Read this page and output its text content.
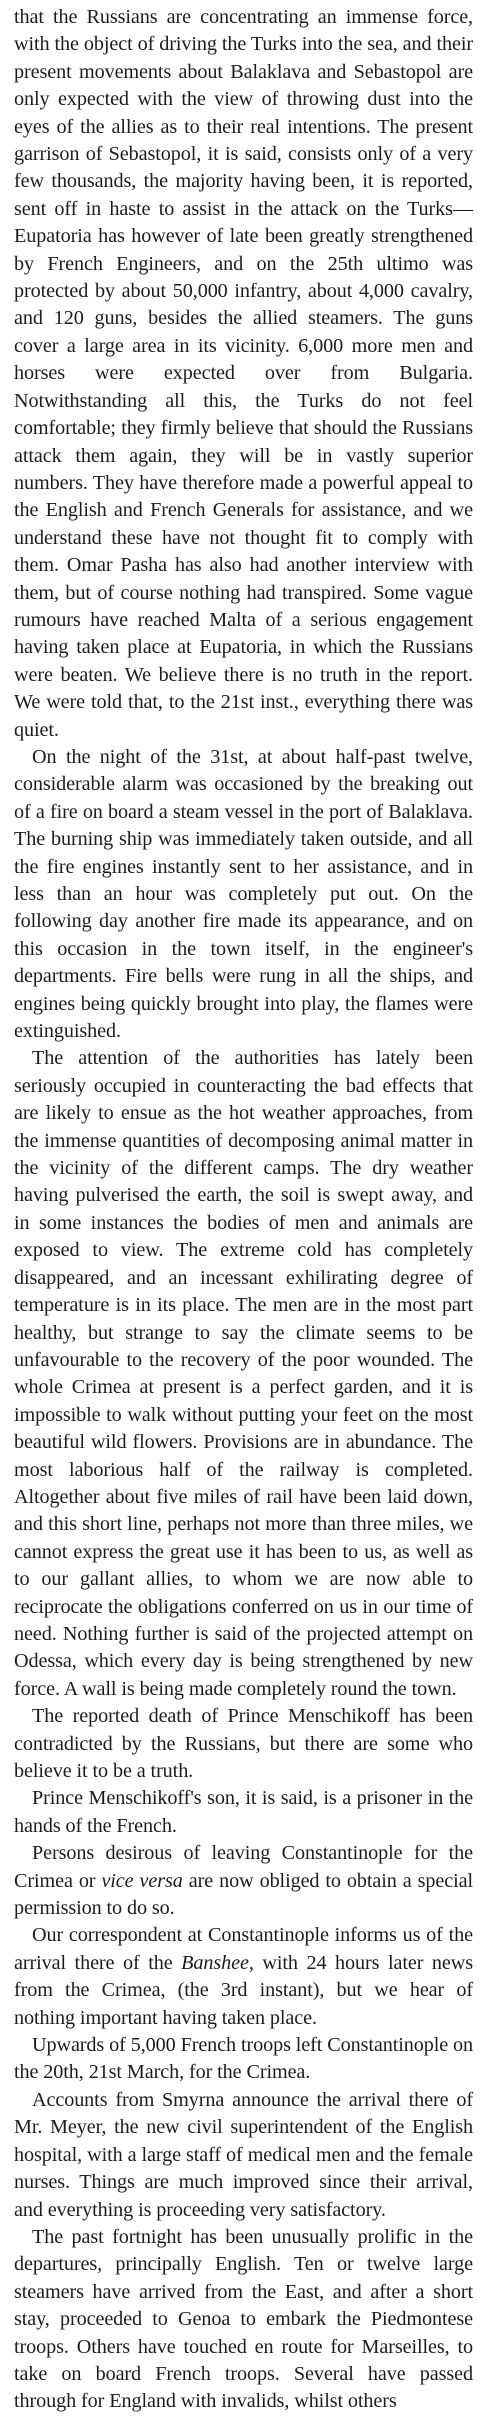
that the Russians are concentrating an immense force, with the object of driving the Turks into the sea, and their present movements about Balaklava and Sebastopol are only expected with the view of throwing dust into the eyes of the allies as to their real intentions. The present garrison of Sebastopol, it is said, consists only of a very few thousands, the majority having been, it is reported, sent off in haste to assist in the attack on the Turks—Eupatoria has however of late been greatly strengthened by French Engineers, and on the 25th ultimo was protected by about 50,000 infantry, about 4,000 cavalry, and 120 guns, besides the allied steamers. The guns cover a large area in its vicinity. 6,000 more men and horses were expected over from Bulgaria. Notwithstanding all this, the Turks do not feel comfortable; they firmly believe that should the Russians attack them again, they will be in vastly superior numbers. They have therefore made a powerful appeal to the English and French Generals for assistance, and we understand these have not thought fit to comply with them. Omar Pasha has also had another interview with them, but of course nothing had transpired. Some vague rumours have reached Malta of a serious engagement having taken place at Eupatoria, in which the Russians were beaten. We believe there is no truth in the report. We were told that, to the 21st inst., everything there was quiet.

On the night of the 31st, at about half-past twelve, considerable alarm was occasioned by the breaking out of a fire on board a steam vessel in the port of Balaklava. The burning ship was immediately taken outside, and all the fire engines instantly sent to her assistance, and in less than an hour was completely put out. On the following day another fire made its appearance, and on this occasion in the town itself, in the engineer's departments. Fire bells were rung in all the ships, and engines being quickly brought into play, the flames were extinguished.

The attention of the authorities has lately been seriously occupied in counteracting the bad effects that are likely to ensue as the hot weather approaches, from the immense quantities of decomposing animal matter in the vicinity of the different camps. The dry weather having pulverised the earth, the soil is swept away, and in some instances the bodies of men and animals are exposed to view. The extreme cold has completely disappeared, and an incessant exhilirating degree of temperature is in its place. The men are in the most part healthy, but strange to say the climate seems to be unfavourable to the recovery of the poor wounded. The whole Crimea at present is a perfect garden, and it is impossible to walk without putting your feet on the most beautiful wild flowers. Provisions are in abundance. The most laborious half of the railway is completed. Altogether about five miles of rail have been laid down, and this short line, perhaps not more than three miles, we cannot express the great use it has been to us, as well as to our gallant allies, to whom we are now able to reciprocate the obligations conferred on us in our time of need. Nothing further is said of the projected attempt on Odessa, which every day is being strengthened by new force. A wall is being made completely round the town.

The reported death of Prince Menschikoff has been contradicted by the Russians, but there are some who believe it to be a truth.

Prince Menschikoff's son, it is said, is a prisoner in the hands of the French.

Persons desirous of leaving Constantinople for the Crimea or vice versa are now obliged to obtain a special permission to do so.

Our correspondent at Constantinople informs us of the arrival there of the Banshee, with 24 hours later news from the Crimea, (the 3rd instant), but we hear of nothing important having taken place.

Upwards of 5,000 French troops left Constantinople on the 20th, 21st March, for the Crimea.

Accounts from Smyrna announce the arrival there of Mr. Meyer, the new civil superintendent of the English hospital, with a large staff of medical men and the female nurses. Things are much improved since their arrival, and everything is proceeding very satisfactory.

The past fortnight has been unusually prolific in the departures, principally English. Ten or twelve large steamers have arrived from the East, and after a short stay, proceeded to Genoa to embark the Piedmontese troops. Others have touched en route for Marseilles, to take on board French troops. Several have passed through for England with invalids, whilst others
